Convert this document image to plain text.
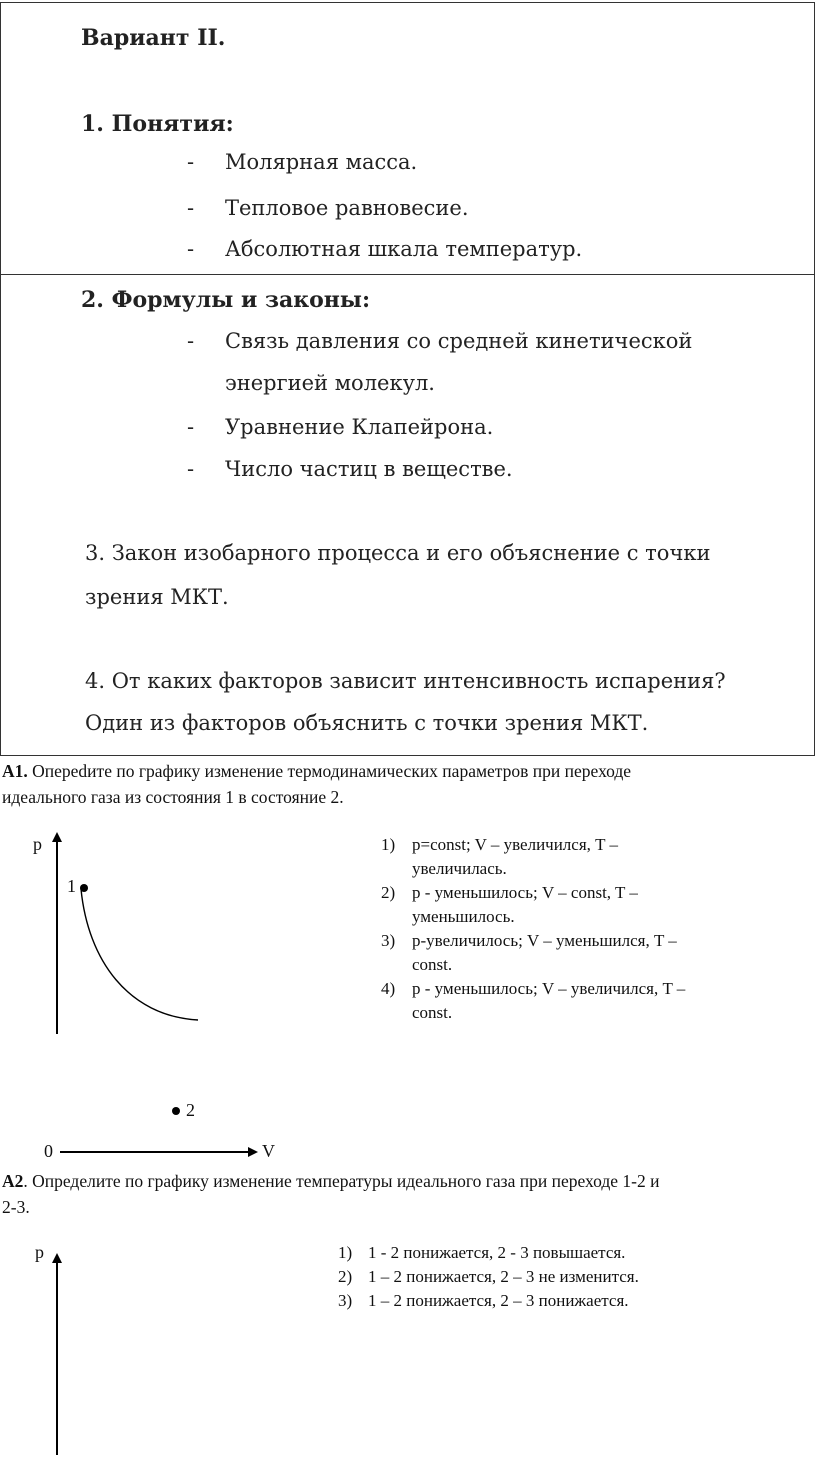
Вариант II.
1. Понятия:
- Молярная масса.
- Тепловое равновесие.
- Абсолютная шкала температур.
2. Формулы и законы:
- Связь давления со средней кинетической
энергией молекул.
- Уравнение Клапейрона.
- Число частиц в веществе.
3. Закон изобарного процесса и его объяснение с точки
зрения МКТ.
4. От каких факторов зависит интенсивность испарения?
Один из факторов объяснить с точки зрения МКТ.
А1. Оперedите по графику изменение термодинамических параметров при переходе
идеального газа из состояния 1 в состояние 2.
p
1
2
0	V
1) p=const; V – увеличился, T –
увеличилась.
2) p - уменьшилось; V – const, T –
уменьшилось.
3) p-увеличилось; V – уменьшился, T –
const.
4) p - уменьшилось; V – увеличился, T –
const.
А2. Определите по графику изменение температуры идеального газа при переходе 1-2 и
2-3.
p	1) 1 - 2 понижается, 2 - 3 повышается.
2) 1 – 2 понижается, 2 – 3 не изменится.
3) 1 – 2 понижается, 2 – 3 понижается.
